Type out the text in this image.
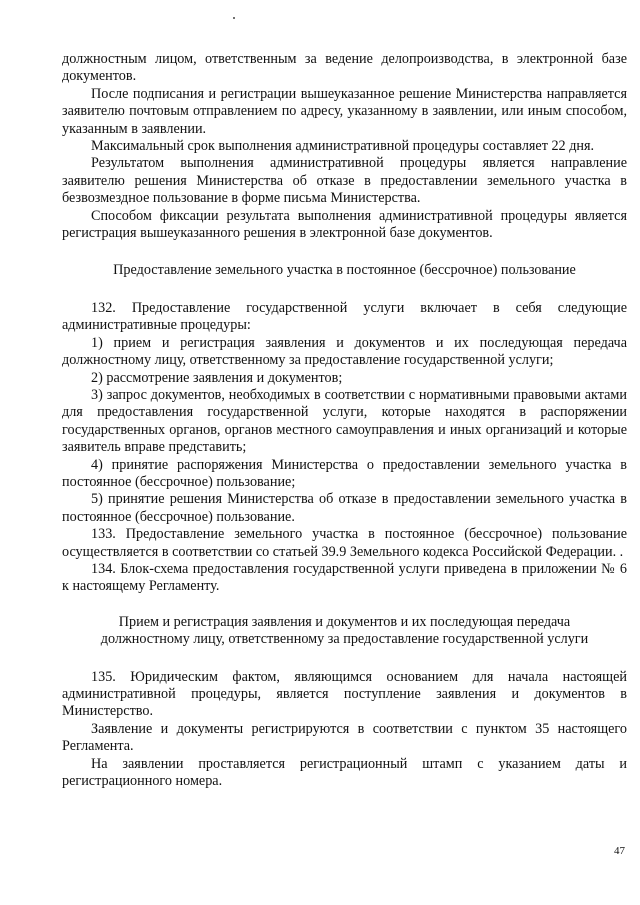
должностным лицом, ответственным за ведение делопроизводства, в электронной базе документов.

После подписания и регистрации вышеуказанное решение Министерства направляется заявителю почтовым отправлением по адресу, указанному в заявлении, или иным способом, указанным в заявлении.

Максимальный срок выполнения административной процедуры составляет 22 дня.

Результатом выполнения административной процедуры является направление заявителю решения Министерства об отказе в предоставлении земельного участка в безвозмездное пользование в форме письма Министерства.

Способом фиксации результата выполнения административной процедуры является регистрация вышеуказанного решения в электронной базе документов.

Предоставление земельного участка в постоянное (бессрочное) пользование

132. Предоставление государственной услуги включает в себя следующие административные процедуры:

1) прием и регистрация заявления и документов и их последующая передача должностному лицу, ответственному за предоставление государственной услуги;

2) рассмотрение заявления и документов;

3) запрос документов, необходимых в соответствии с нормативными правовыми актами для предоставления государственной услуги, которые находятся в распоряжении государственных органов, органов местного самоуправления и иных организаций и которые заявитель вправе представить;

4) принятие распоряжения Министерства о предоставлении земельного участка в постоянное (бессрочное) пользование;

5) принятие решения Министерства об отказе в предоставлении земельного участка в постоянное (бессрочное) пользование.

133. Предоставление земельного участка в постоянное (бессрочное) пользование осуществляется в соответствии со статьей 39.9 Земельного кодекса Российской Федерации. .

134. Блок-схема предоставления государственной услуги приведена в приложении № 6 к настоящему Регламенту.

Прием и регистрация заявления и документов и их последующая передача

должностному лицу, ответственному за предоставление государственной услуги

135. Юридическим фактом, являющимся основанием для начала настоящей административной процедуры, является поступление заявления и документов в Министерство.

Заявление и документы регистрируются в соответствии с пунктом 35 настоящего Регламента.

На заявлении проставляется регистрационный штамп с указанием даты и регистрационного номера.

47
